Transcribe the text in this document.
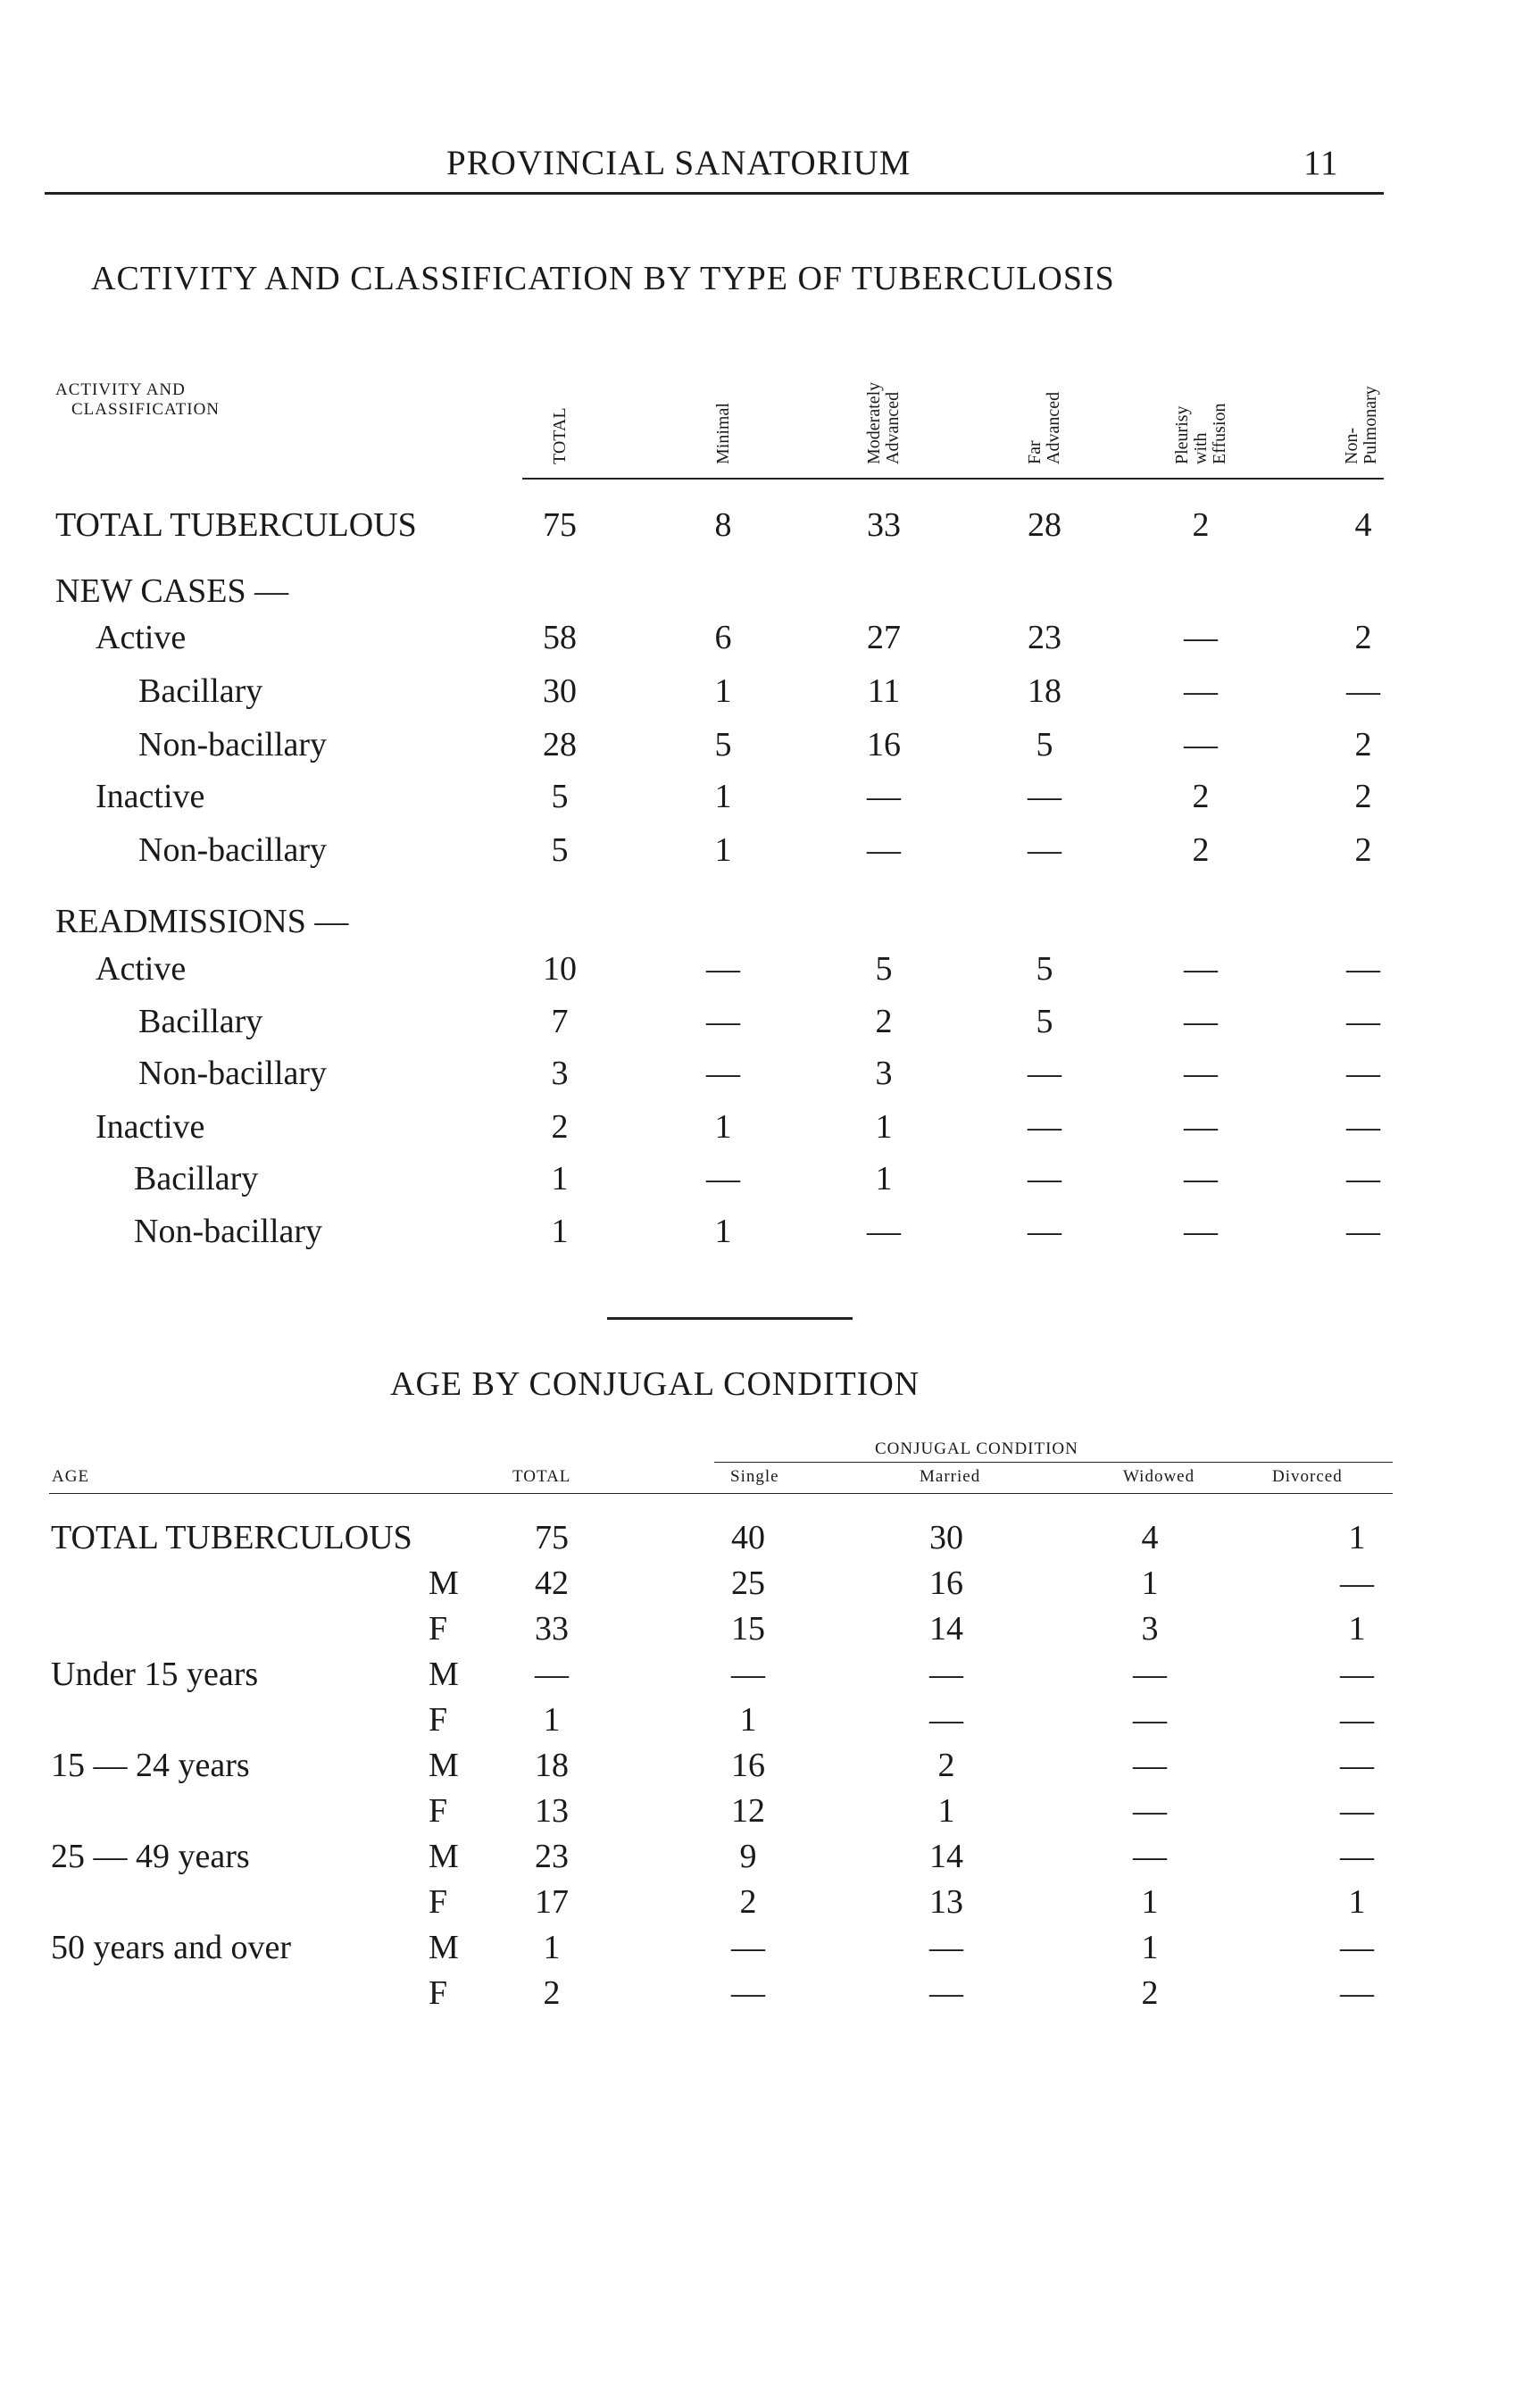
PROVINCIAL SANATORIUM	11
ACTIVITY AND CLASSIFICATION BY TYPE OF TUBERCULOSIS
ACTIVITY AND
CLASSIFICATION	TOTAL	Minimal	Moderately Advanced	Far Advanced	Pleurisy with Effusion	Non- Pulmonary
TOTAL TUBERCULOUS	75	8	33	28	2	4
NEW CASES —
Active	58	6	27	23	—	2
Bacillary	30	1	11	18	—	—
Non-bacillary	28	5	16	5	—	2
Inactive	5	1	—	—	2	2
Non-bacillary	5	1	—	—	2	2
READMISSIONS —
Active	10	—	5	5	—	—
Bacillary	7	—	2	5	—	—
Non-bacillary	3	—	3	—	—	—
Inactive	2	1	1	—	—	—
Bacillary	1	—	1	—	—	—
Non-bacillary	1	1	—	—	—	—
AGE BY CONJUGAL CONDITION
CONJUGAL CONDITION
AGE	TOTAL	Single	Married	Widowed	Divorced
TOTAL TUBERCULOUS	75	40	30	4	1
M	42	25	16	1	—
F	33	15	14	3	1
Under 15 years	M	—	—	—	—	—
F	1	1	—	—	—
15 — 24 years	M	18	16	2	—	—
F	13	12	1	—	—
25 — 49 years	M	23	9	14	—	—
F	17	2	13	1	1
50 years and over	M	1	—	—	1	—
F	2	—	—	2	—
